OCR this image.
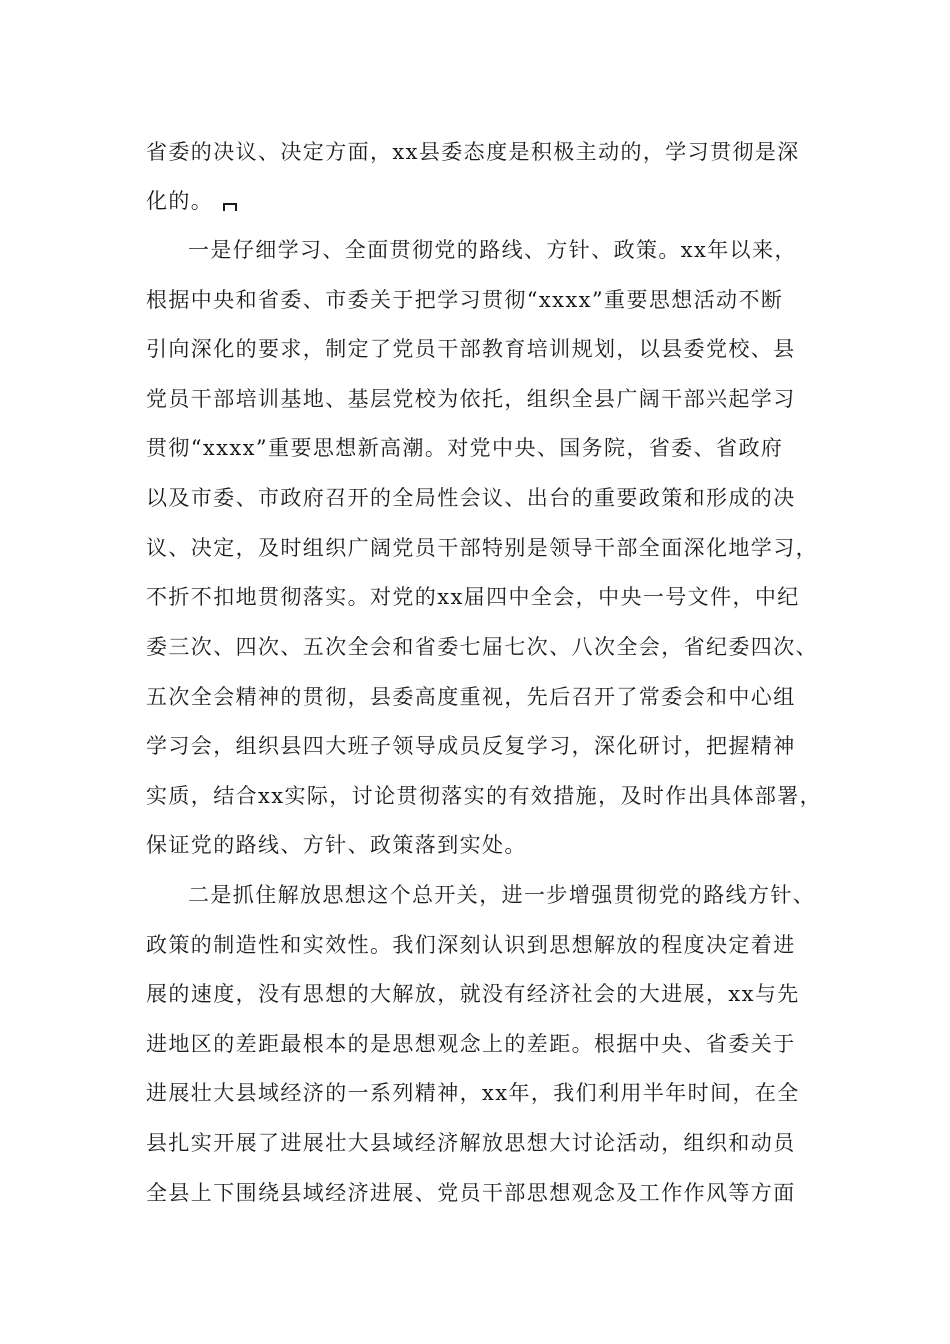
省委的决议、决定方面，xx县委态度是积极主动的，学习贯彻是深
化的。
一是仔细学习、全面贯彻党的路线、方针、政策。xx年以来，
根据中央和省委、市委关于把学习贯彻“xxxx”重要思想活动不断
引向深化的要求，制定了党员干部教育培训规划，以县委党校、县
党员干部培训基地、基层党校为依托，组织全县广阔干部兴起学习
贯彻“xxxx”重要思想新高潮。对党中央、国务院，省委、省政府
以及市委、市政府召开的全局性会议、出台的重要政策和形成的决
议、决定，及时组织广阔党员干部特别是领导干部全面深化地学习，
不折不扣地贯彻落实。对党的xx届四中全会，中央一号文件，中纪
委三次、四次、五次全会和省委七届七次、八次全会，省纪委四次、
五次全会精神的贯彻，县委高度重视，先后召开了常委会和中心组
学习会，组织县四大班子领导成员反复学习，深化研讨，把握精神
实质，结合xx实际，讨论贯彻落实的有效措施，及时作出具体部署，
保证党的路线、方针、政策落到实处。
二是抓住解放思想这个总开关，进一步增强贯彻党的路线方针、
政策的制造性和实效性。我们深刻认识到思想解放的程度决定着进
展的速度，没有思想的大解放，就没有经济社会的大进展，xx与先
进地区的差距最根本的是思想观念上的差距。根据中央、省委关于
进展壮大县域经济的一系列精神，xx年，我们利用半年时间，在全
县扎实开展了进展壮大县域经济解放思想大讨论活动，组织和动员
全县上下围绕县域经济进展、党员干部思想观念及工作作风等方面
